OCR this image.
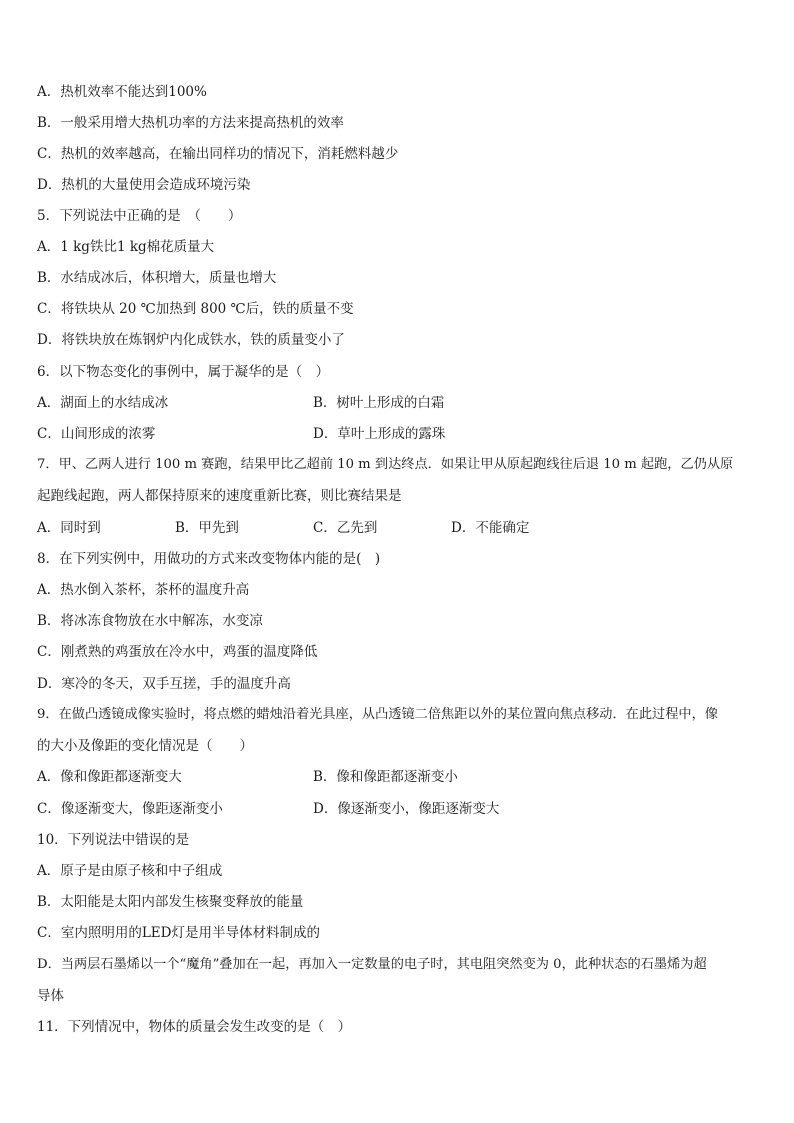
A．热机效率不能达到100%
B．一般采用增大热机功率的方法来提高热机的效率
C．热机的效率越高，在输出同样功的情况下，消耗燃料越少
D．热机的大量使用会造成环境污染
5．下列说法中正确的是　（　　）
A．1 kg铁比1 kg棉花质量大
B．水结成冰后，体积增大，质量也增大
C．将铁块从 20 ℃加热到 800 ℃后，铁的质量不变
D．将铁块放在炼钢炉内化成铁水，铁的质量变小了
6．以下物态变化的事例中，属于凝华的是（　）
A．湖面上的水结成冰	B．树叶上形成的白霜
C．山间形成的浓雾	D．草叶上形成的露珠
7．甲、乙两人进行 100 m 赛跑，结果甲比乙超前 10 m 到达终点．如果让甲从原起跑线往后退 10 m 起跑，乙仍从原
起跑线起跑，两人都保持原来的速度重新比赛，则比赛结果是
A．同时到	B．甲先到	C．乙先到	D．不能确定
8．在下列实例中，用做功的方式来改变物体内能的是(　)
A．热水倒入茶杯，茶杯的温度升高
B．将冰冻食物放在水中解冻，水变凉
C．刚煮熟的鸡蛋放在冷水中，鸡蛋的温度降低
D．寒冷的冬天，双手互搓，手的温度升高
9．在做凸透镜成像实验时，将点燃的蜡烛沿着光具座，从凸透镜二倍焦距以外的某位置向焦点移动．在此过程中，像
的大小及像距的变化情况是（　　）
A．像和像距都逐渐变大	B．像和像距都逐渐变小
C．像逐渐变大，像距逐渐变小	D．像逐渐变小，像距逐渐变大
10．下列说法中错误的是
A．原子是由原子核和中子组成
B．太阳能是太阳内部发生核聚变释放的能量
C．室内照明用的LED灯是用半导体材料制成的
D．当两层石墨烯以一个“魔角”叠加在一起，再加入一定数量的电子时，其电阻突然变为 0，此种状态的石墨烯为超
导体
11．下列情况中，物体的质量会发生改变的是（　）
